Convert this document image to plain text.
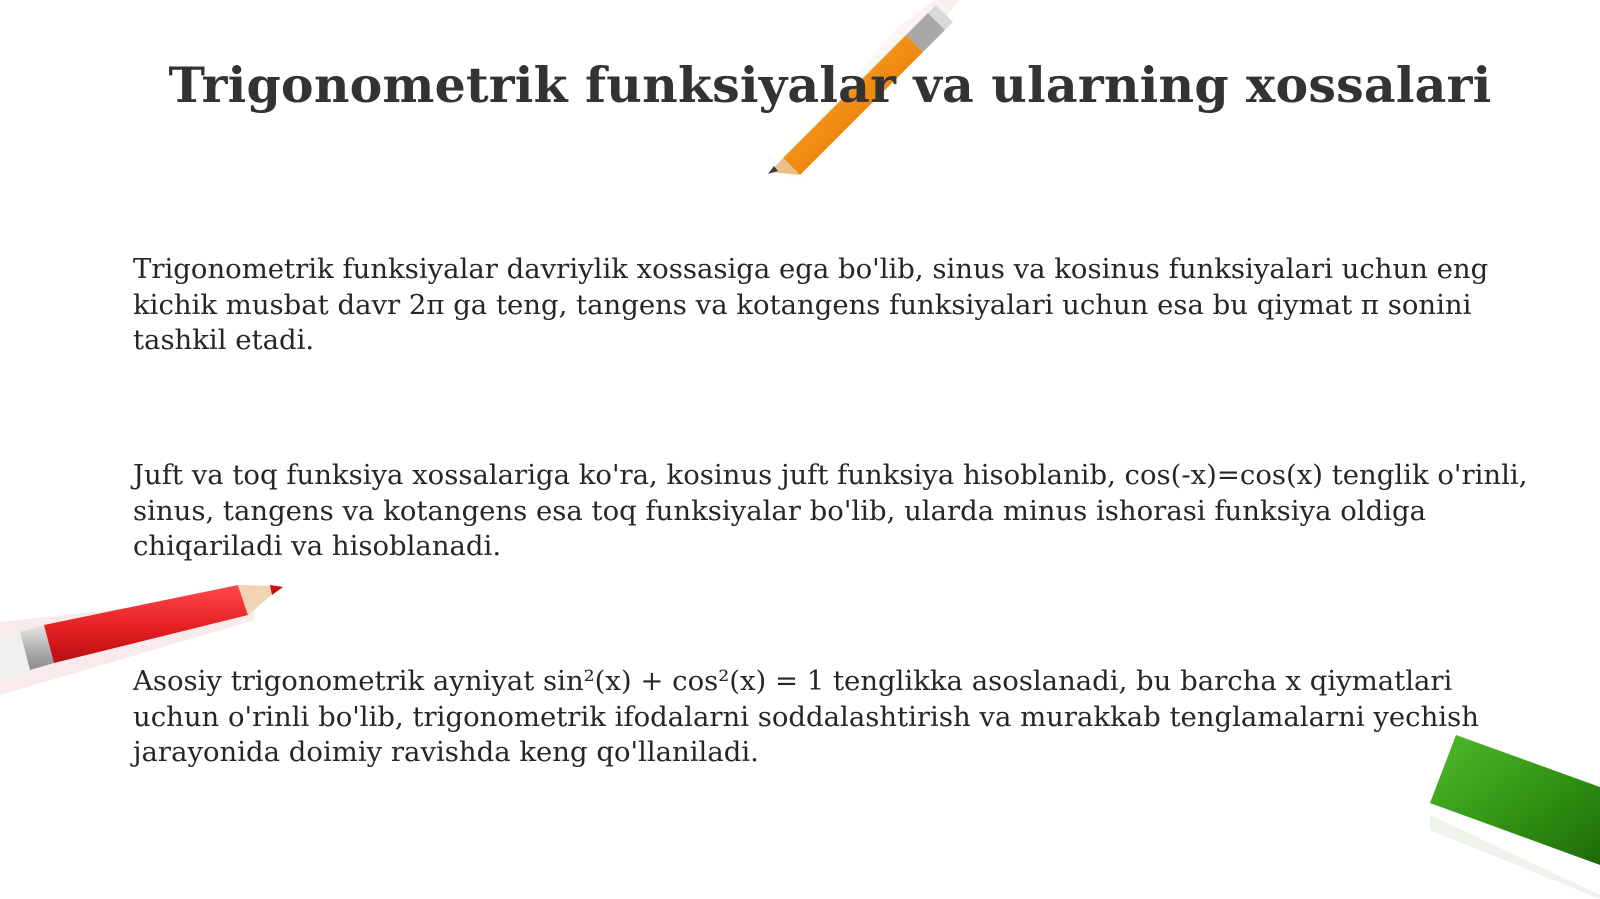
Trigonometrik funksiyalar va ularning xossalari

Trigonometrik funksiyalar davriylik xossasiga ega bo'lib, sinus va kosinus funksiyalari uchun eng kichik musbat davr 2π ga teng, tangens va kotangens funksiyalari uchun esa bu qiymat π sonini tashkil etadi.

Juft va toq funksiya xossalariga ko'ra, kosinus juft funksiya hisoblanib, cos(-x)=cos(x) tenglik o'rinli, sinus, tangens va kotangens esa toq funksiyalar bo'lib, ularda minus ishorasi funksiya oldiga chiqariladi va hisoblanadi.

Asosiy trigonometrik ayniyat sin²(x) + cos²(x) = 1 tenglikka asoslanadi, bu barcha x qiymatlari uchun o'rinli bo'lib, trigonometrik ifodalarni soddalashtirish va murakkab tenglamalarni yechish jarayonida doimiy ravishda keng qo'llaniladi.
